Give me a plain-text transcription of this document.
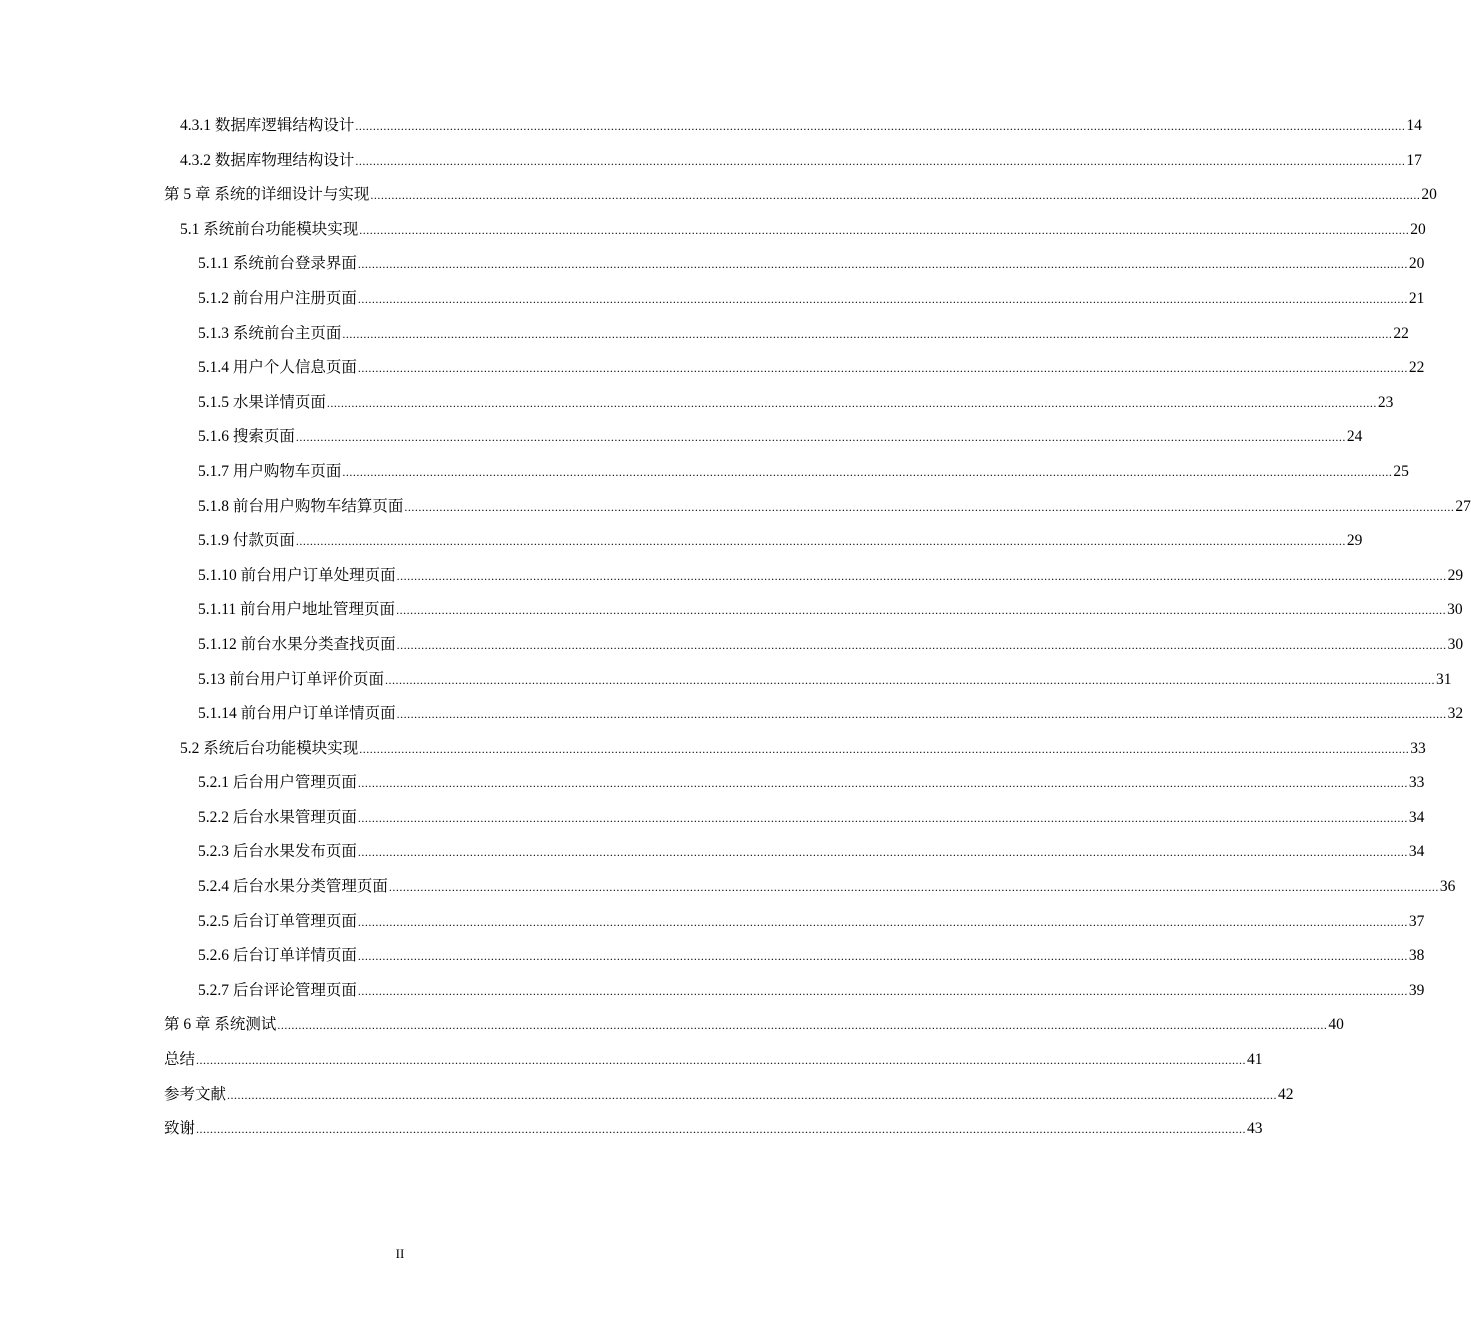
4.3.1 数据库逻辑结构设计 ............................................................................................................................................................................................................................................................................................................ 14
4.3.2 数据库物理结构设计 ............................................................................................................................................................................................................................................................................................................ 17
第 5 章 系统的详细设计与实现 ............................................................................................................................................................................................................................................................................................................ 20
5.1 系统前台功能模块实现 ............................................................................................................................................................................................................................................................................................................ 20
5.1.1 系统前台登录界面 ............................................................................................................................................................................................................................................................................................................ 20
5.1.2 前台用户注册页面 ............................................................................................................................................................................................................................................................................................................ 21
5.1.3 系统前台主页面 ............................................................................................................................................................................................................................................................................................................ 22
5.1.4 用户个人信息页面 ............................................................................................................................................................................................................................................................................................................ 22
5.1.5 水果详情页面 ............................................................................................................................................................................................................................................................................................................ 23
5.1.6 搜索页面 ............................................................................................................................................................................................................................................................................................................ 24
5.1.7 用户购物车页面 ............................................................................................................................................................................................................................................................................................................ 25
5.1.8 前台用户购物车结算页面 ............................................................................................................................................................................................................................................................................................................ 27
5.1.9 付款页面 ............................................................................................................................................................................................................................................................................................................ 29
5.1.10 前台用户订单处理页面 ............................................................................................................................................................................................................................................................................................................ 29
5.1.11 前台用户地址管理页面 ............................................................................................................................................................................................................................................................................................................ 30
5.1.12 前台水果分类查找页面 ............................................................................................................................................................................................................................................................................................................ 30
5.13 前台用户订单评价页面 ............................................................................................................................................................................................................................................................................................................ 31
5.1.14 前台用户订单详情页面 ............................................................................................................................................................................................................................................................................................................ 32
5.2 系统后台功能模块实现 ............................................................................................................................................................................................................................................................................................................ 33
5.2.1 后台用户管理页面 ............................................................................................................................................................................................................................................................................................................ 33
5.2.2 后台水果管理页面 ............................................................................................................................................................................................................................................................................................................ 34
5.2.3 后台水果发布页面 ............................................................................................................................................................................................................................................................................................................ 34
5.2.4 后台水果分类管理页面 ............................................................................................................................................................................................................................................................................................................ 36
5.2.5 后台订单管理页面 ............................................................................................................................................................................................................................................................................................................ 37
5.2.6 后台订单详情页面 ............................................................................................................................................................................................................................................................................................................ 38
5.2.7 后台评论管理页面 ............................................................................................................................................................................................................................................................................................................ 39
第 6 章 系统测试 ............................................................................................................................................................................................................................................................................................................ 40
总结 ............................................................................................................................................................................................................................................................................................................ 41
参考文献 ............................................................................................................................................................................................................................................................................................................ 42
致谢 ............................................................................................................................................................................................................................................................................................................ 43
II
